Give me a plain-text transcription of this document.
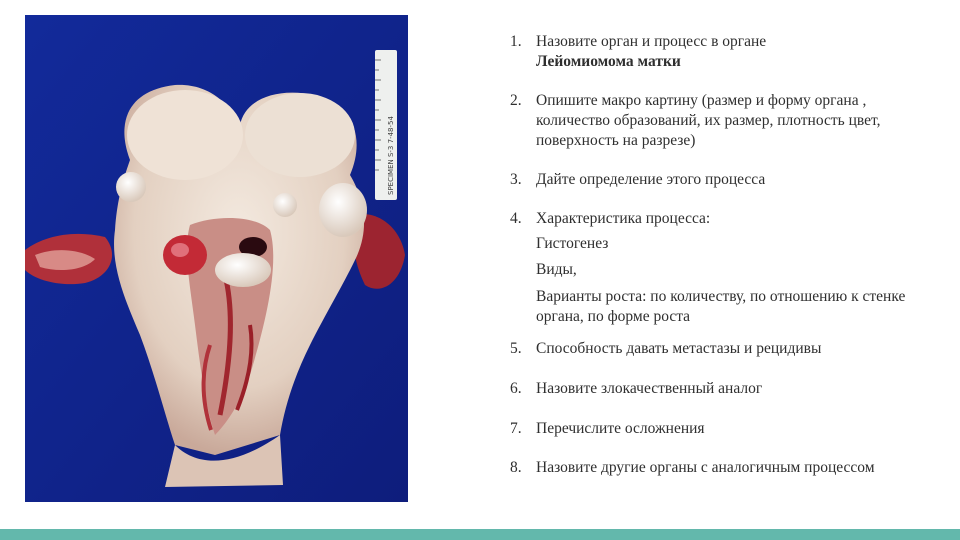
SPECIMEN S-3 7-48-54
1. Назовите орган и процесс в органе
Лейомиомома матки
2. Опишите макро картину (размер и форму органа , количество образований, их размер, плотность цвет, поверхность на разрезе)
3. Дайте определение этого процесса
4. Характеристика процесса:
Гистогенез
Виды,
Варианты роста: по количеству, по отношению к стенке органа, по форме роста
5. Способность давать метастазы и рецидивы
6. Назовите злокачественный аналог
7. Перечислите осложнения
8. Назовите другие органы с аналогичным процессом
